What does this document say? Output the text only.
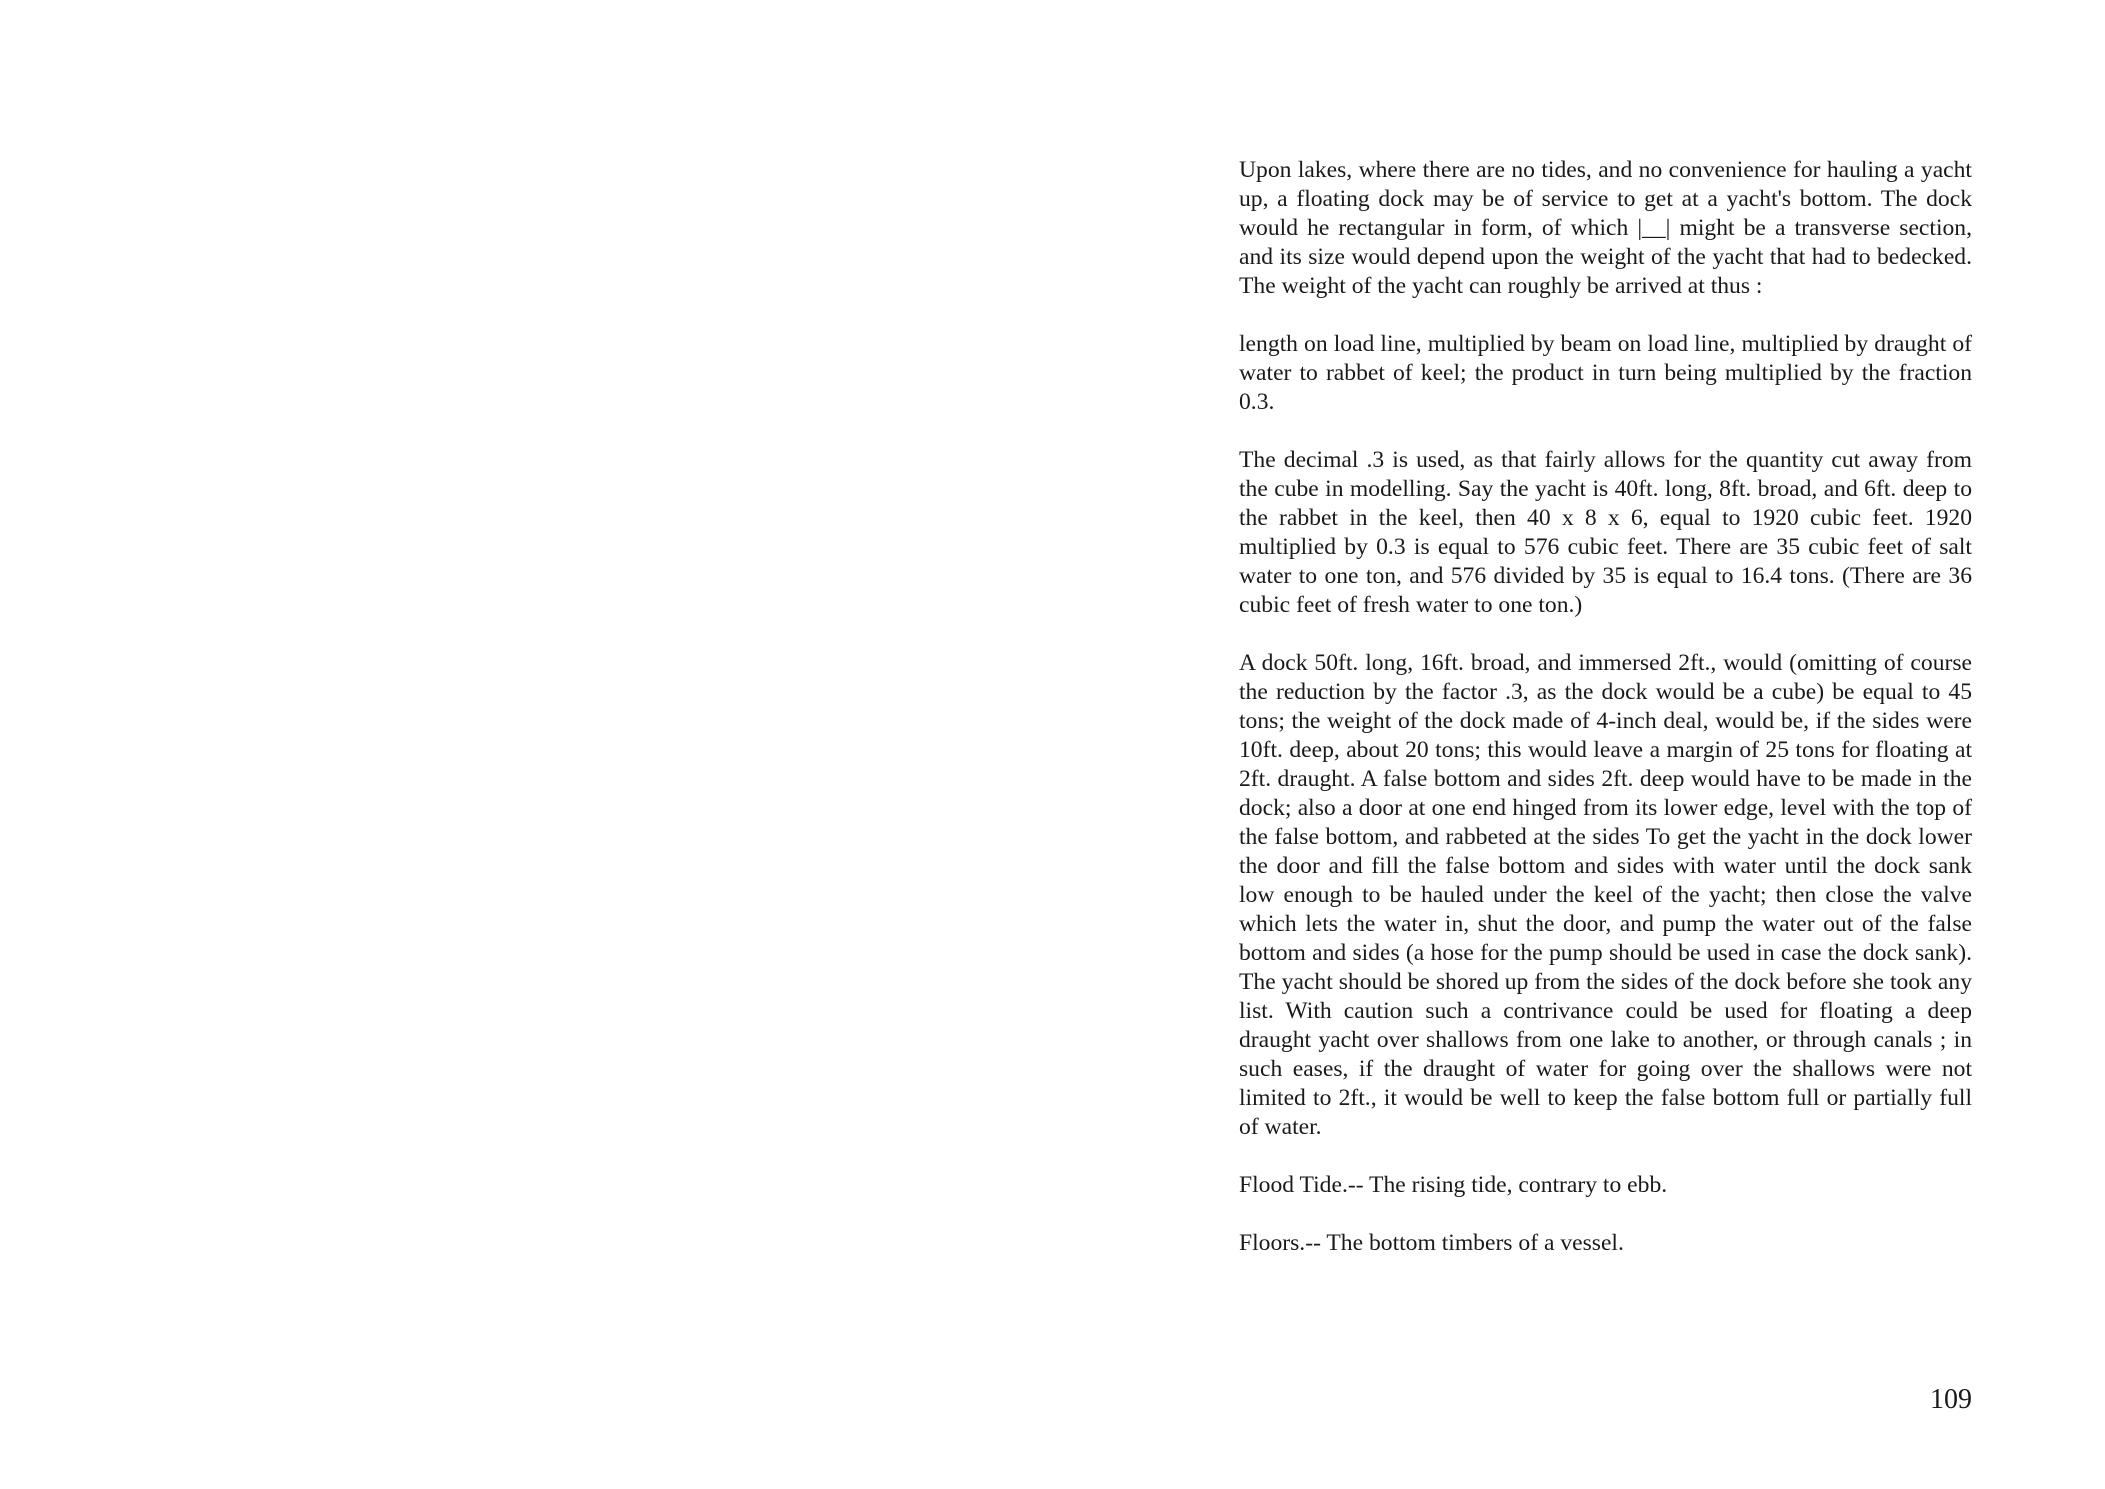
Upon lakes, where there are no tides, and no convenience for hauling a yacht up, a floating dock may be of service to get at a yacht's bottom. The dock would he rectangular in form, of which |__| might be a transverse section, and its size would depend upon the weight of the yacht that had to bedecked. The weight of the yacht can roughly be arrived at thus :

length on load line, multiplied by beam on load line, multiplied by draught of water to rabbet of keel; the product in turn being multiplied by the fraction 0.3.

The decimal .3 is used, as that fairly allows for the quantity cut away from the cube in modelling. Say the yacht is 40ft. long, 8ft. broad, and 6ft. deep to the rabbet in the keel, then 40 x 8 x 6, equal to 1920 cubic feet. 1920 multiplied by 0.3 is equal to 576 cubic feet. There are 35 cubic feet of salt water to one ton, and 576 divided by 35 is equal to 16.4 tons. (There are 36 cubic feet of fresh water to one ton.)

A dock 50ft. long, 16ft. broad, and immersed 2ft., would (omitting of course the reduction by the factor .3, as the dock would be a cube) be equal to 45 tons; the weight of the dock made of 4-inch deal, would be, if the sides were 10ft. deep, about 20 tons; this would leave a margin of 25 tons for floating at 2ft. draught. A false bottom and sides 2ft. deep would have to be made in the dock; also a door at one end hinged from its lower edge, level with the top of the false bottom, and rabbeted at the sides To get the yacht in the dock lower the door and fill the false bottom and sides with water until the dock sank low enough to be hauled under the keel of the yacht; then close the valve which lets the water in, shut the door, and pump the water out of the false bottom and sides (a hose for the pump should be used in case the dock sank). The yacht should be shored up from the sides of the dock before she took any list. With caution such a contrivance could be used for floating a deep draught yacht over shallows from one lake to another, or through canals ; in such eases, if the draught of water for going over the shallows were not limited to 2ft., it would be well to keep the false bottom full or partially full of water.

Flood Tide.-- The rising tide, contrary to ebb.

Floors.-- The bottom timbers of a vessel.

109
